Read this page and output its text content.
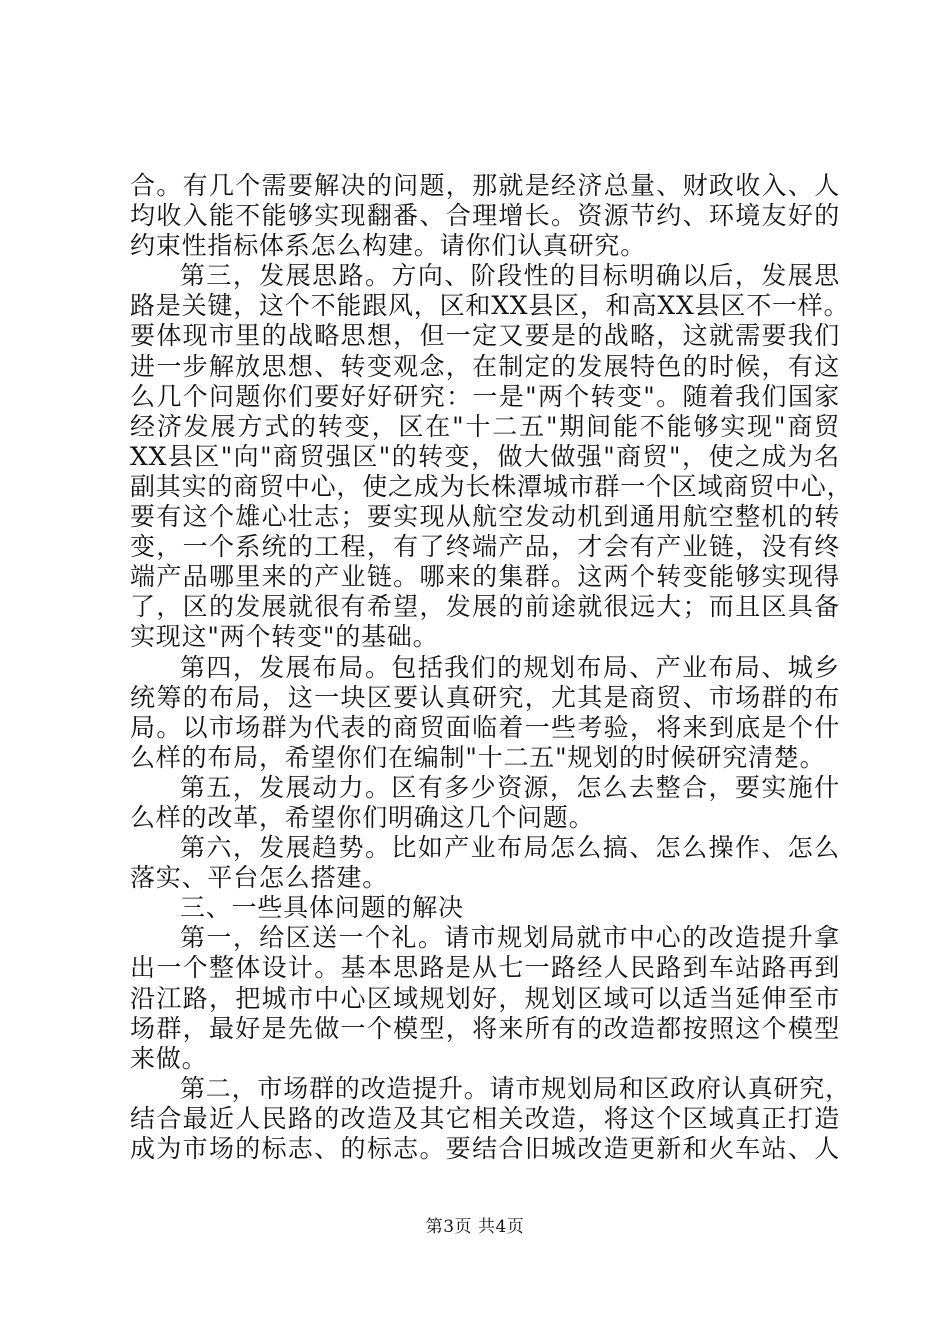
合。有几个需要解决的问题，那就是经济总量、财政收入、人
均收入能不能够实现翻番、合理增长。资源节约、环境友好的
约束性指标体系怎么构建。请你们认真研究。
第三，发展思路。方向、阶段性的目标明确以后，发展思
路是关键，这个不能跟风，区和XX县区，和高XX县区不一样。
要体现市里的战略思想，但一定又要是的战略，这就需要我们
进一步解放思想、转变观念，在制定的发展特色的时候，有这
么几个问题你们要好好研究：一是"两个转变"。随着我们国家
经济发展方式的转变，区在"十二五"期间能不能够实现"商贸
XX县区"向"商贸强区"的转变，做大做强"商贸"，使之成为名
副其实的商贸中心，使之成为长株潭城市群一个区域商贸中心，
要有这个雄心壮志；要实现从航空发动机到通用航空整机的转
变，一个系统的工程，有了终端产品，才会有产业链，没有终
端产品哪里来的产业链。哪来的集群。这两个转变能够实现得
了，区的发展就很有希望，发展的前途就很远大；而且区具备
实现这"两个转变"的基础。
第四，发展布局。包括我们的规划布局、产业布局、城乡
统筹的布局，这一块区要认真研究，尤其是商贸、市场群的布
局。以市场群为代表的商贸面临着一些考验，将来到底是个什
么样的布局，希望你们在编制"十二五"规划的时候研究清楚。
第五，发展动力。区有多少资源，怎么去整合，要实施什
么样的改革，希望你们明确这几个问题。
第六，发展趋势。比如产业布局怎么搞、怎么操作、怎么
落实、平台怎么搭建。
三、一些具体问题的解决
第一，给区送一个礼。请市规划局就市中心的改造提升拿
出一个整体设计。基本思路是从七一路经人民路到车站路再到
沿江路，把城市中心区域规划好，规划区域可以适当延伸至市
场群，最好是先做一个模型，将来所有的改造都按照这个模型
来做。
第二，市场群的改造提升。请市规划局和区政府认真研究，
结合最近人民路的改造及其它相关改造，将这个区域真正打造
成为市场的标志、的标志。要结合旧城改造更新和火车站、人
第3页 共4页
